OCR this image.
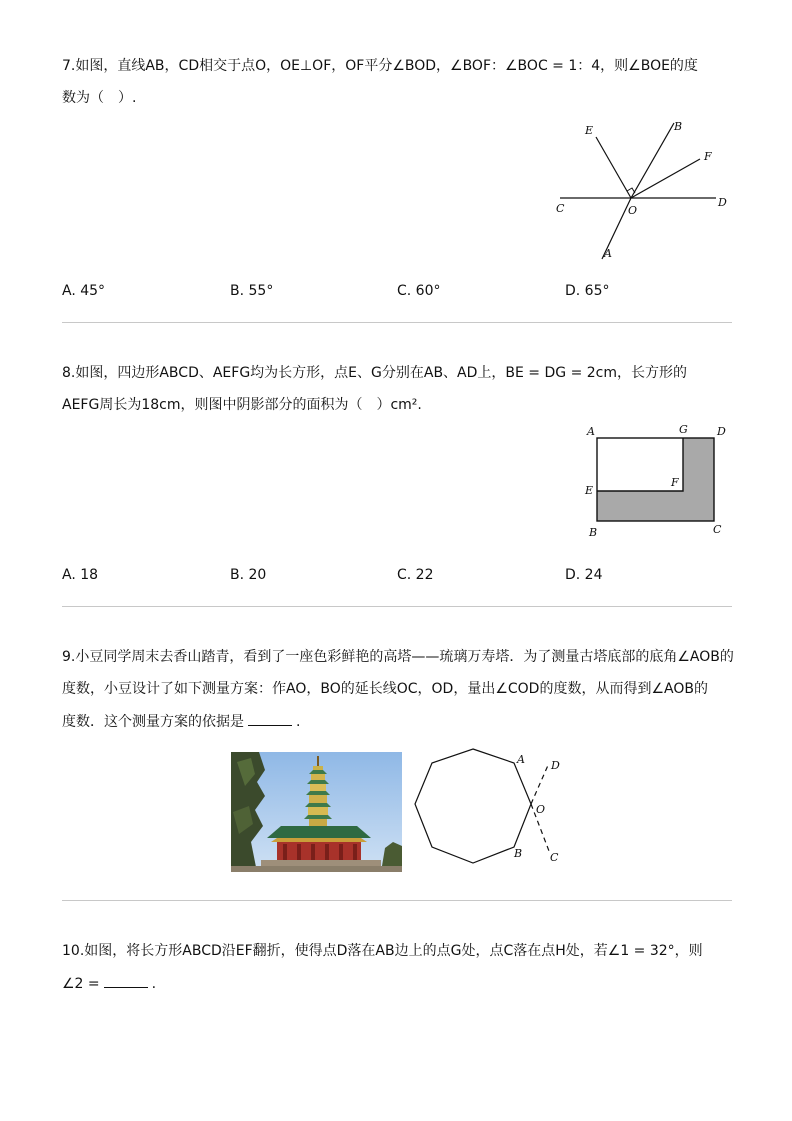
7.如图，直线AB，CD相交于点O，OE⊥OF，OF平分∠BOD，∠BOF：∠BOC = 1：4，则∠BOE的度
数为（　）.
E	B
F
C	O
D
A
A. 45°	B. 55°	C. 60°	D. 65°
8.如图，四边形ABCD、AEFG均为长方形，点E、G分别在AB、AD上，BE = DG = 2cm，长方形的
AEFG周长为18cm，则图中阴影部分的面积为（　）cm².
A	G	D
F
E
B	C
A. 18	B. 20	C. 22	D. 24
9.小豆同学周末去香山踏青，看到了一座色彩鲜艳的高塔——琉璃万寿塔．为了测量古塔底部的底角∠AOB的
度数，小豆设计了如下测量方案：作AO，BO的延长线OC，OD，量出∠COD的度数，从而得到∠AOB的
度数．这个测量方案的依据是	.
A D
O
B	C
10.如图，将长方形ABCD沿EF翻折，使得点D落在AB边上的点G处，点C落在点H处，若∠1 = 32°，则
∠2 =	.
